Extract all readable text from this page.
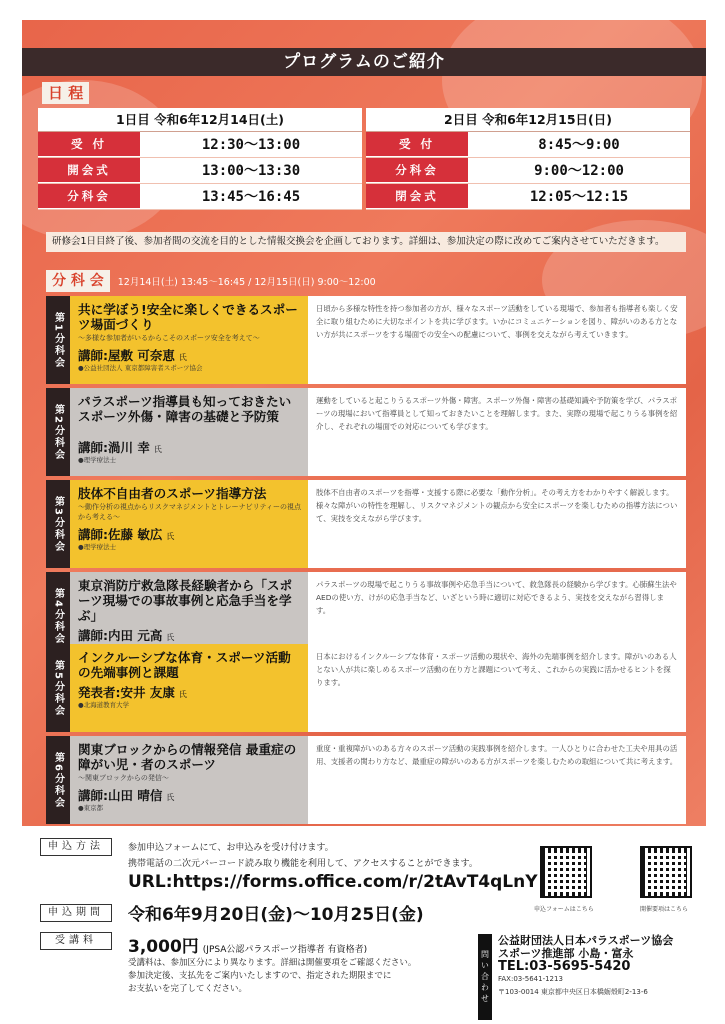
プログラムのご紹介
日 程
1日目 令和6年12月14日(土)
受 付	12:30〜13:00
開会式	13:00〜13:30
分科会	13:45〜16:45
2日目 令和6年12月15日(日)
受 付	8:45〜9:00
分科会	9:00〜12:00
閉会式	12:05〜12:15
研修会1日目終了後、参加者間の交流を目的とした情報交換会を企画しております。詳細は、参加決定の際に改めてご案内させていただきます。
分 科 会	12月14日(土) 13:45〜16:45 / 12月15日(日) 9:00〜12:00
第1分科会
共に学ぼう!安全に楽しくできるスポーツ場面づくり
〜多様な参加者がいるからこそのスポーツ安全を考えて〜
講師:屋敷 可奈恵 氏
●公益社団法人 東京都障害者スポーツ協会
日頃から多様な特性を持つ参加者の方が、様々なスポーツ活動をしている現場で、参加者も指導者も楽しく安全に取り組むために大切なポイントを共に学びます。いかにコミュニケーションを図り、障がいのある方とない方が共にスポーツをする場面での安全への配慮について、事例を交えながら考えていきます。
第2分科会
パラスポーツ指導員も知っておきたいスポーツ外傷・障害の基礎と予防策
講師:渦川 幸 氏
●理学療法士
運動をしていると起こりうるスポーツ外傷・障害。スポーツ外傷・障害の基礎知識や予防策を学び、パラスポーツの現場において指導員として知っておきたいことを理解します。また、実際の現場で起こりうる事例を紹介し、それぞれの場面での対応についても学びます。
第3分科会
肢体不自由者のスポーツ指導方法
〜動作分析の視点からリスクマネジメントとトレーナビリティーの視点から考える〜
講師:佐藤 敏広 氏
●理学療法士
肢体不自由者のスポーツを指導・支援する際に必要な「動作分析」。その考え方をわかりやすく解説します。様々な障がいの特性を理解し、リスクマネジメントの観点から安全にスポーツを楽しむための指導方法について、実技を交えながら学びます。
第4分科会
東京消防庁救急隊長経験者から「スポーツ現場での事故事例と応急手当を学ぶ」
講師:内田 元高 氏
パラスポーツの現場で起こりうる事故事例や応急手当について、救急隊長の経験から学びます。心肺蘇生法やAEDの使い方、けがの応急手当など、いざという時に適切に対応できるよう、実技を交えながら習得します。
第5分科会
インクルーシブな体育・スポーツ活動の先端事例と課題
発表者:安井 友康 氏
●北海道教育大学
日本におけるインクルーシブな体育・スポーツ活動の現状や、海外の先端事例を紹介します。障がいのある人とない人が共に楽しめるスポーツ活動の在り方と課題について考え、これからの実践に活かせるヒントを探ります。
第6分科会
関東ブロックからの情報発信 最重症の障がい児・者のスポーツ
〜関東ブロックからの発信〜
講師:山田 晴信 氏
●東京都
重度・重複障がいのある方々のスポーツ活動の実践事例を紹介します。一人ひとりに合わせた工夫や用具の活用、支援者の関わり方など、最重症の障がいのある方がスポーツを楽しむための取組について共に考えます。
申込方法	参加申込フォームにて、お申込みを受け付けます。
携帯電話の二次元バーコード読み取り機能を利用して、アクセスすることができます。
URL:https://forms.office.com/r/2tAvT4qLnY
申込期間	令和6年9月20日(金)〜10月25日(金)
受講料	3,000円 (JPSA公認パラスポーツ指導者 有資格者)
受講料は、参加区分により異なります。詳細は開催要項をご確認ください。
参加決定後、支払先をご案内いたしますので、指定された期限までに
お支払いを完了してください。
申込フォームはこちら	開催要項はこちら
問い合わせ
公益財団法人日本パラスポーツ協会
スポーツ推進部 小島・富永
TEL:03-5695-5420
FAX:03-5641-1213
〒103-0014 東京都中央区日本橋蛎殻町2-13-6
